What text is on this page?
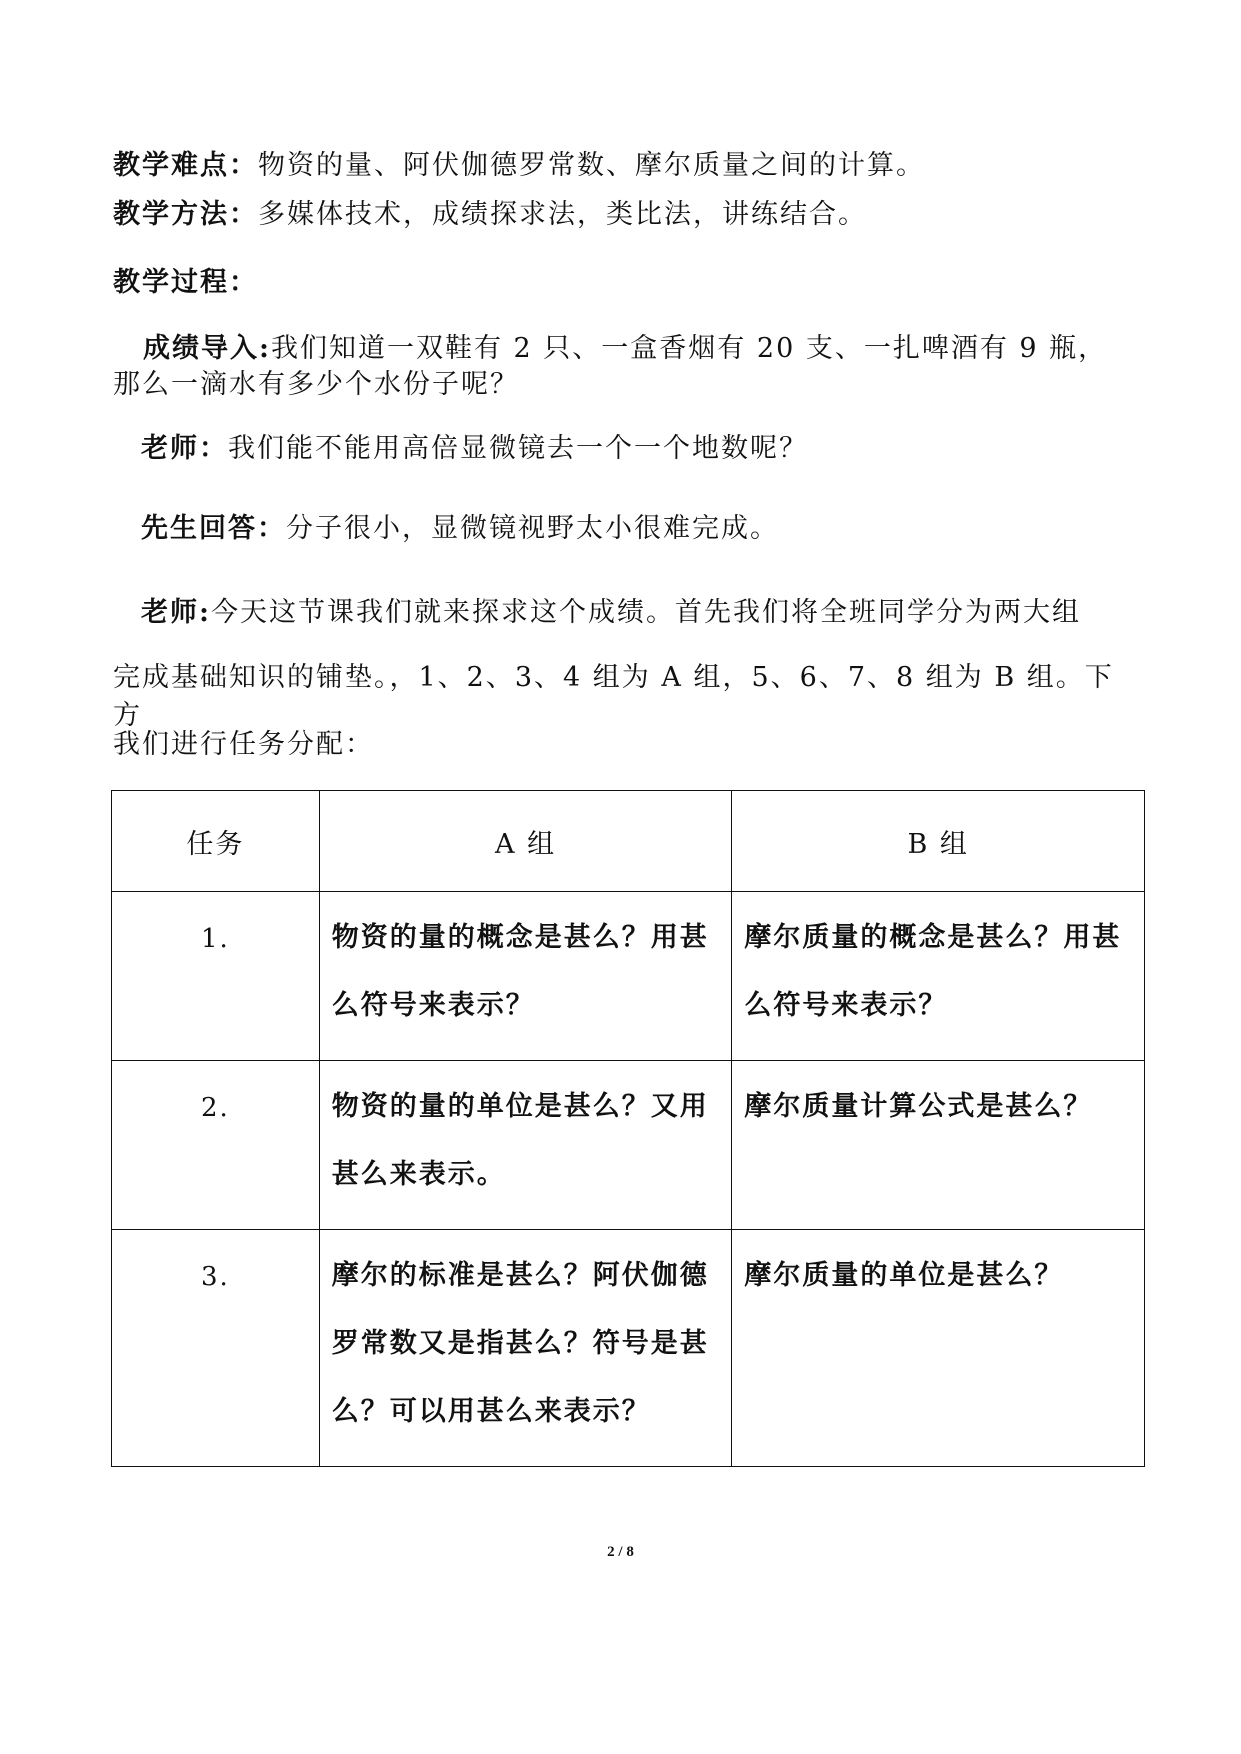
教学难点：物资的量、阿伏伽德罗常数、摩尔质量之间的计算。
教学方法：多媒体技术，成绩探求法，类比法，讲练结合。
教学过程：
成绩导入:我们知道一双鞋有 2 只、一盒香烟有 20 支、一扎啤酒有 9 瓶，
那么一滴水有多少个水份子呢？
老师：我们能不能用高倍显微镜去一个一个地数呢？
先生回答：分子很小，显微镜视野太小很难完成。
老师:今天这节课我们就来探求这个成绩。首先我们将全班同学分为两大组
完成基础知识的铺垫。，1、2、3、4 组为 A 组，5、6、7、8 组为 B 组。下方
我们进行任务分配：
任务	A 组	B 组
1.	物资的量的概念是甚么？用甚么符号来表示？	摩尔质量的概念是甚么？用甚么符号来表示？

2.	物资的量的单位是甚么？又用甚么来表示。	摩尔质量计算公式是甚么？

3.	摩尔的标准是甚么？阿伏伽德罗常数又是指甚么？符号是甚么？可以用甚么来表示？	摩尔质量的单位是甚么？
2 / 8
